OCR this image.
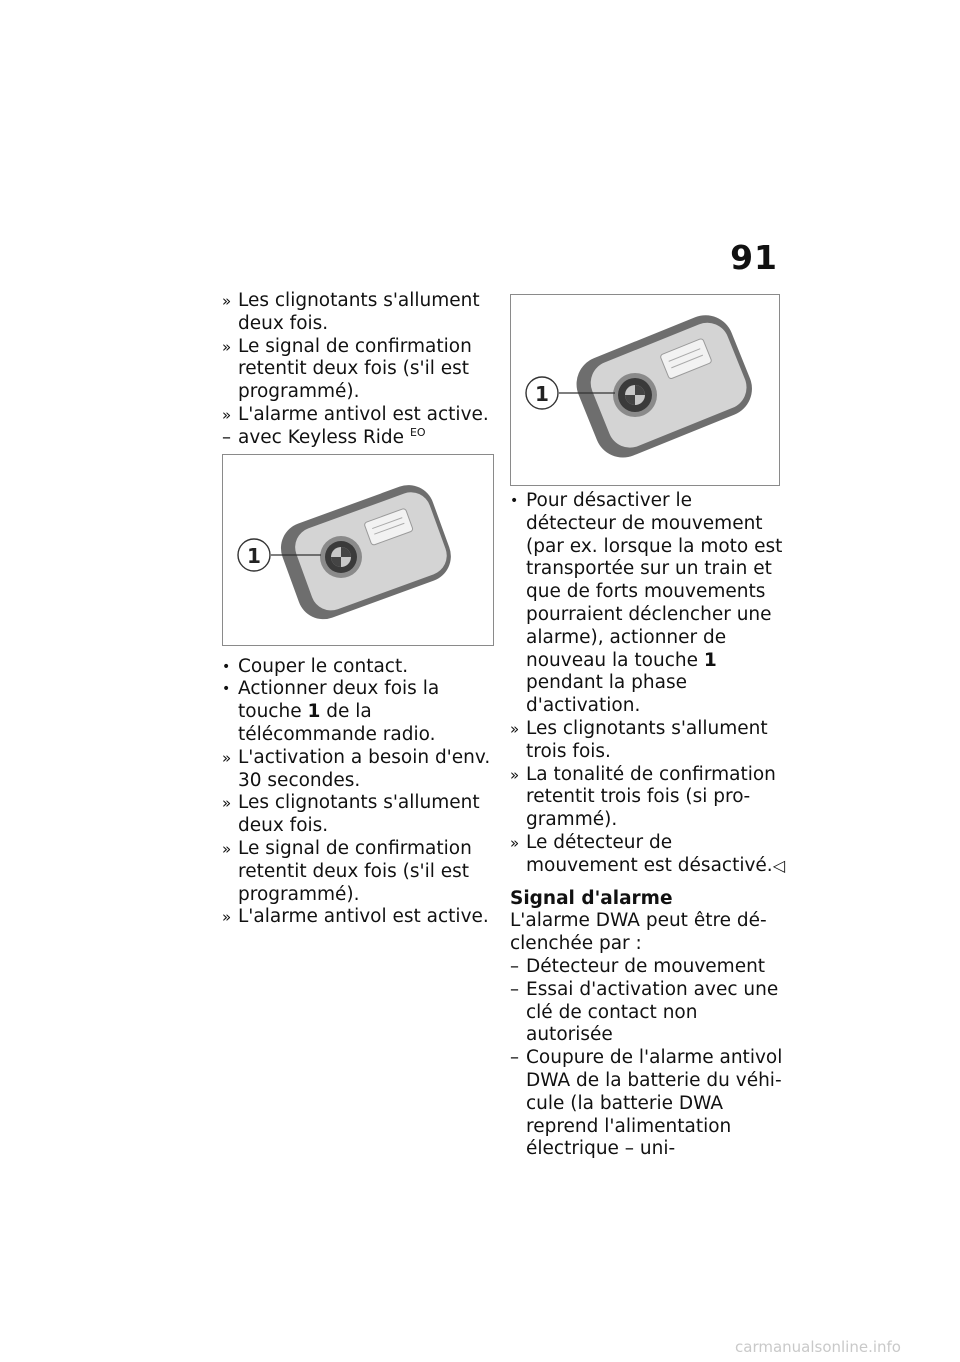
91
» Les clignotants s'allument deux fois.
» Le signal de confirmation retentit deux fois (s'il est programmé).
» L'alarme antivol est active.
– avec Keyless Ride $^{EO}$
1
• Couper le contact.
• Actionner deux fois la touche 1 de la télécommande radio.
» L'activation a besoin d'env. 30 secondes.
» Les clignotants s'allument deux fois.
» Le signal de confirmation retentit deux fois (s'il est programmé).
» L'alarme antivol est active.
1
• Pour désactiver le détecteur de mouvement (par ex. lorsque la moto est transportée sur un train et que de forts mouvements pourraient déclencher une alarme), actionner de nouveau la touche 1 pendant la phase d'activation.
» Les clignotants s'allument trois fois.
» La tonalité de confirmation retentit trois fois (si programmé).
» Le détecteur de mouvement est désactivé.◁
Signal d'alarme
L'alarme DWA peut être déclenchée par :
– Détecteur de mouvement
– Essai d'activation avec une clé de contact non autorisée
– Coupure de l'alarme antivol DWA de la batterie du véhicule (la batterie DWA reprend l'alimentation électrique – uni-
carmanualsonline.info
